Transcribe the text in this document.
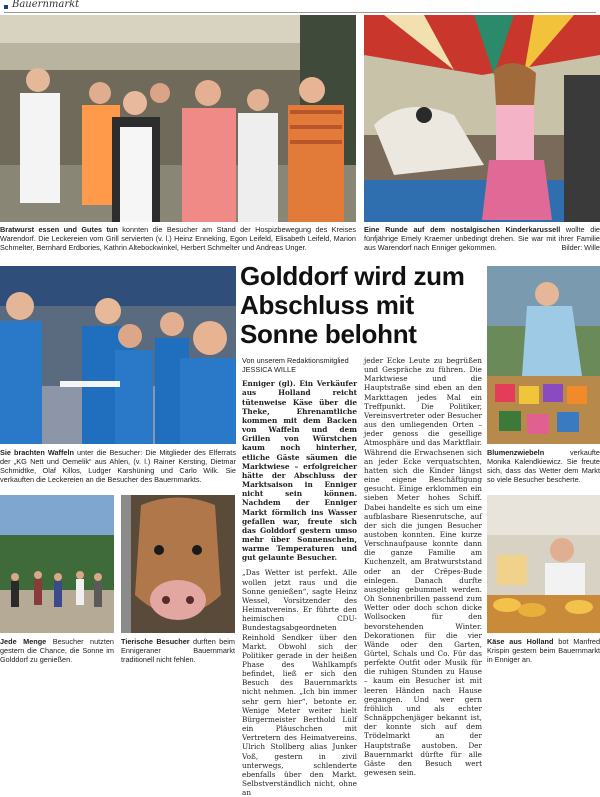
Bauernmarkt
Bratwurst essen und Gutes tun konnten die Besucher am Stand der Hospizbewegung des Kreises Warendorf. Die Leckereien vom Grill servierten (v. l.) Heinz Enneking, Egon Leifeld, Elisabeth Leifeld, Marion Schmelter, Bernhard Erdbories, Kathrin Altebockwinkel, Herbert Schmelter und Andreas Unger.
Eine Runde auf dem nostalgischen Kinderkarussell wollte die fünfjährige Emely Kraemer unbedingt drehen. Sie war mit ihrer Familie aus Warendorf nach Enniger gekommen.	Bilder: Wille
Golddorf wird zum Abschluss mit Sonne belohnt
Sie brachten Waffeln unter die Besucher: Die Mitglieder des Elferrats der „KG Nett und Oemelik“ aus Ahlen, (v. l.) Rainer Kersting, Dietmar Schmidtke, Olaf Killos, Ludger Karshüning und Carlo Wilk. Sie verkauften die Leckereien an die Besucher des Bauernmarkts.
Blumenzwiebeln verkaufte Monika Kalendkiewicz. Sie freute sich, dass das Wetter dem Markt so viele Besucher bescherte.

Von unserem Redaktionsmitglied

JESSICA WILLE

Enniger (gl). Ein Verkäufer aus Holland reicht tütenweise Käse über die Theke, Ehrenamtliche kommen mit dem Backen von Waffeln und dem Grillen von Würstchen kaum noch hinterher, etliche Gäste säumen die Marktwiese – erfolgreicher hätte der Abschluss der Marktsaison in Enniger nicht sein können. Nachdem der Enniger Markt förmlich ins Wasser gefallen war, freute sich das Golddorf gestern umso mehr über Sonnenschein, warme Temperaturen und gut gelaunte Besucher.

„Das Wetter ist perfekt. Alle wollen jetzt raus und die Sonne genießen“, sagte Heinz Wessel, Vorsitzender des Heimatvereins. Er führte den heimischen CDU-Bundestagsabgeordneten Reinhold Sendker über den Markt. Obwohl sich der Politiker gerade in der heißen Phase des Wahlkampfs befindet, ließ er sich den Besuch des Bauernmarkts nicht nehmen. „Ich bin immer sehr gern hier“, betonte er. Wenige Meter weiter hielt Bürgermeister Berthold Lülf ein Pläuschchen mit Vertretern des Heimatvereins. Ulrich Stollberg alias Junker Voß, gestern in zivil unterwegs, schlenderte ebenfalls über den Markt. Selbstverständlich nicht, ohne an

jeder Ecke Leute zu begrüßen und Gespräche zu führen. Die Marktwiese und die Hauptstraße sind eben an den Markttagen jedes Mal ein Treffpunkt. Die Politiker, Vereinsvertreter oder Besucher aus den umliegenden Orten – jeder genoss die gesellige Atmosphäre und das Marktflair. Während die Erwachsenen sich an jeder Ecke verquatschten, hatten sich die Kinder längst eine eigene Beschäftigung gesucht. Einige erklommen ein sieben Meter hohes Schiff. Dabei handelte es sich um eine aufblasbare Riesenrutsche, auf der sich die jungen Besucher austoben konnten. Eine kurze Verschnaufpause konnte dann die ganze Familie am Kuchenzelt, am Bratwurststand oder an der Crêpes-Bude einlegen. Danach durfte ausgiebig gebummelt werden. Oh Sonnenbrillen passend zum Wetter oder doch schon dicke Wollsocken für den bevorstehenden Winter. Dekorationen für die vier Wände oder den Garten, Gürtel, Schals und Co. Für das perfekte Outfit oder Musik für die ruhigen Stunden zu Hause – kaum ein Besucher ist mit leeren Händen nach Hause gegangen. Und wer gern fröhlich und als echter Schnäppchenjäger bekannt ist, der konnte sich auf dem Trödelmarkt an der Hauptstraße austoben. Der Bauernmarkt dürfte für alle Gäste den Besuch wert gewesen sein.

Jede Menge Besucher nutzten gestern die Chance, die Sonne im Golddorf zu genießen.
Tierische Besucher durften beim Ennigeraner Bauernmarkt traditionell nicht fehlen.
Käse aus Holland bot Manfred Krispin gestern beim Bauernmarkt in Enniger an.
